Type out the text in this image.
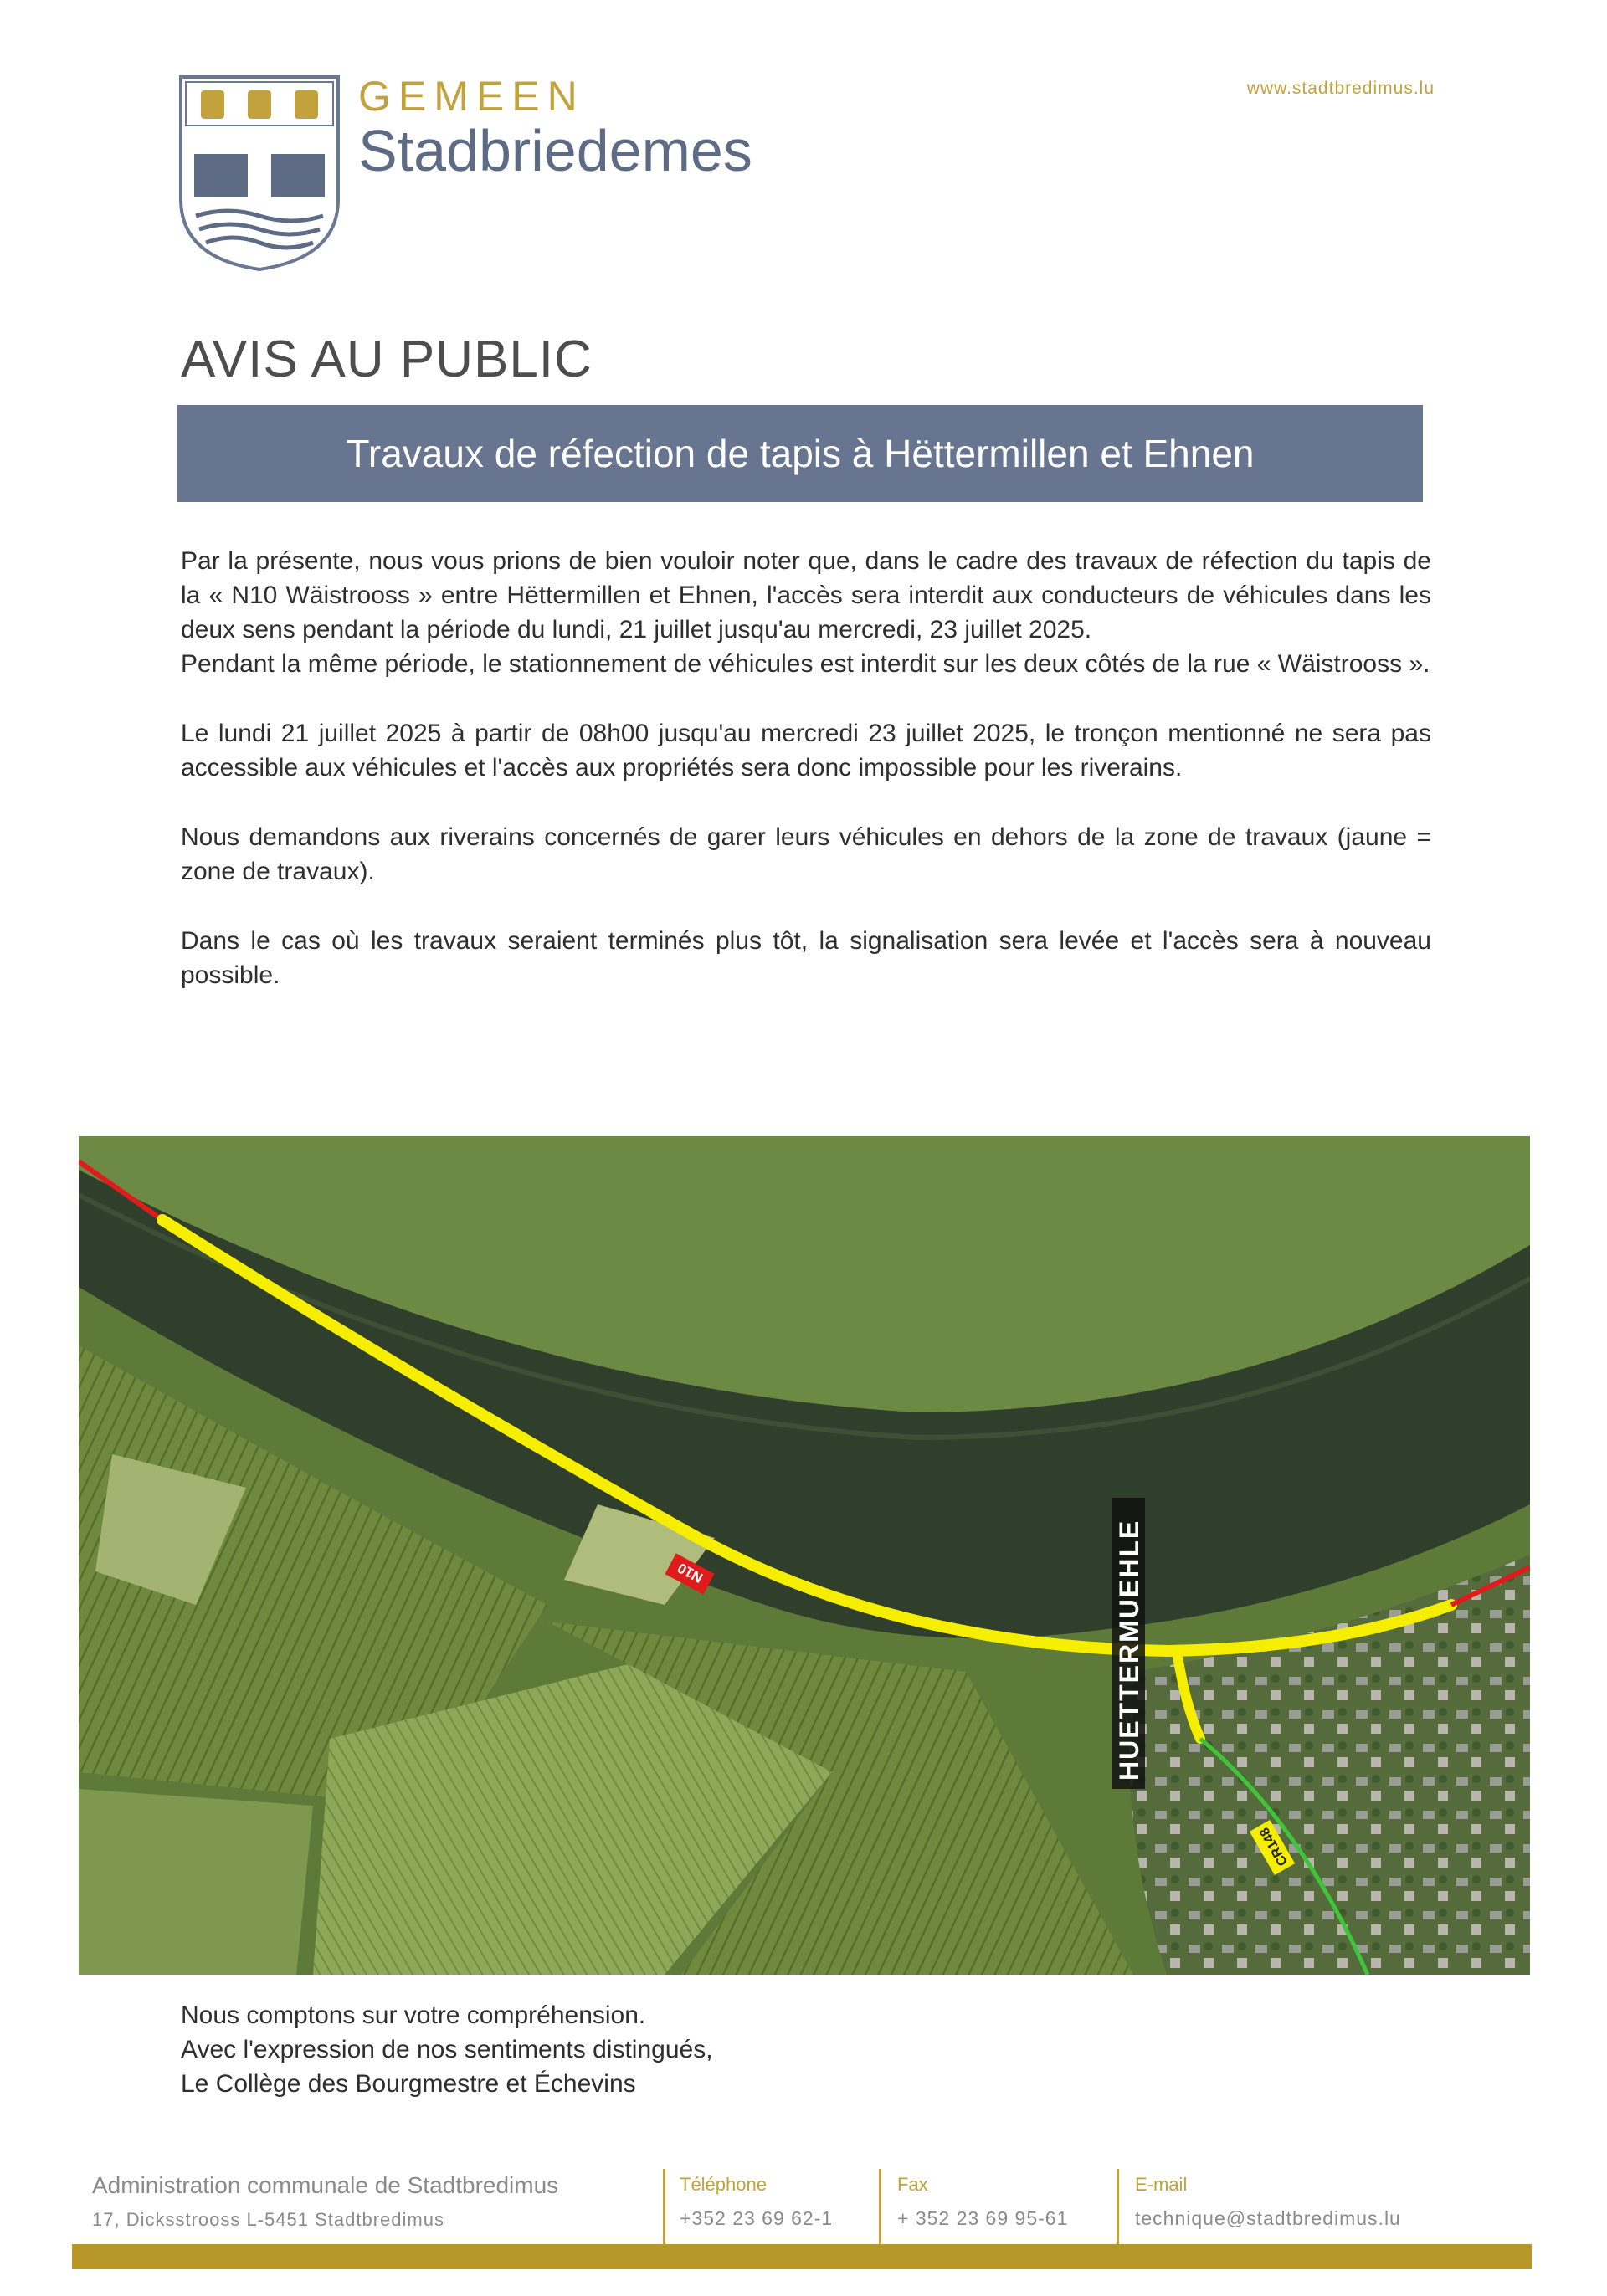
GEMEEN
Stadbriedemes
www.stadtbredimus.lu
AVIS AU PUBLIC
Travaux de réfection de tapis à Hëttermillen et Ehnen

Par la présente, nous vous prions de bien vouloir noter que, dans le cadre des travaux de réfection du tapis de la « N10 Wäistrooss » entre Hëttermillen et Ehnen, l'accès sera interdit aux conducteurs de véhicules dans les deux sens pendant la période du lundi, 21 juillet jusqu'au mercredi, 23 juillet 2025.

Pendant la même période, le stationnement de véhicules est interdit sur les deux côtés de la rue « Wäistrooss ».

Le lundi 21 juillet 2025 à partir de 08h00 jusqu'au mercredi 23 juillet 2025, le tronçon mentionné ne sera pas accessible aux véhicules et l'accès aux propriétés sera donc impossible pour les riverains.

Nous demandons aux riverains concernés de garer leurs véhicules en dehors de la zone de travaux (jaune = zone de travaux).

Dans le cas où les travaux seraient terminés plus tôt, la signalisation sera levée et l'accès sera à nouveau possible.

N10
CR148
HUETTERMUEHLE
Nous comptons sur votre compréhension.
Avec l'expression de nos sentiments distingués,
Le Collège des Bourgmestre et Échevins
Administration communale de Stadtbredimus
17, Dicksstrooss L-5451 Stadtbredimus
Téléphone
+352 23 69 62-1
Fax
+ 352 23 69 95-61
E-mail
technique@stadtbredimus.lu
